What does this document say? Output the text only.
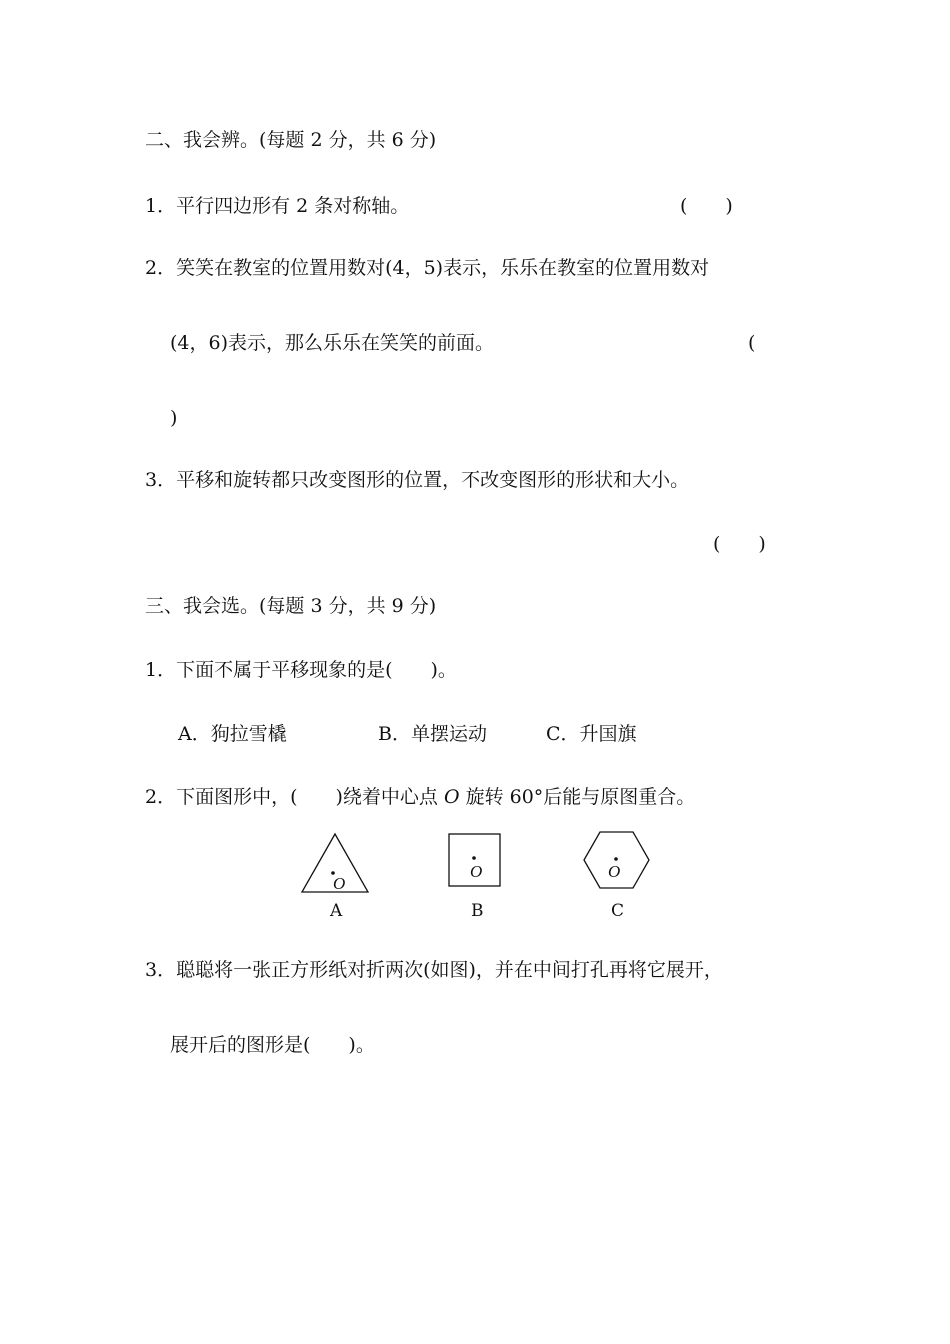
二、我会辨。(每题 2 分，共 6 分)
1．平行四边形有 2 条对称轴。	(　　)
2．笑笑在教室的位置用数对(4，5)表示，乐乐在教室的位置用数对
(4，6)表示，那么乐乐在笑笑的前面。	(
)
3．平移和旋转都只改变图形的位置，不改变图形的形状和大小。
(　　)
三、我会选。(每题 3 分，共 9 分)
1．下面不属于平移现象的是(　　)。
A．狗拉雪橇	B．单摆运动	C．升国旗
2．下面图形中，(　　)绕着中心点 O 旋转 60°后能与原图重合。
O
A
O
B
O
C
3．聪聪将一张正方形纸对折两次(如图)，并在中间打孔再将它展开，
展开后的图形是(　　)。
